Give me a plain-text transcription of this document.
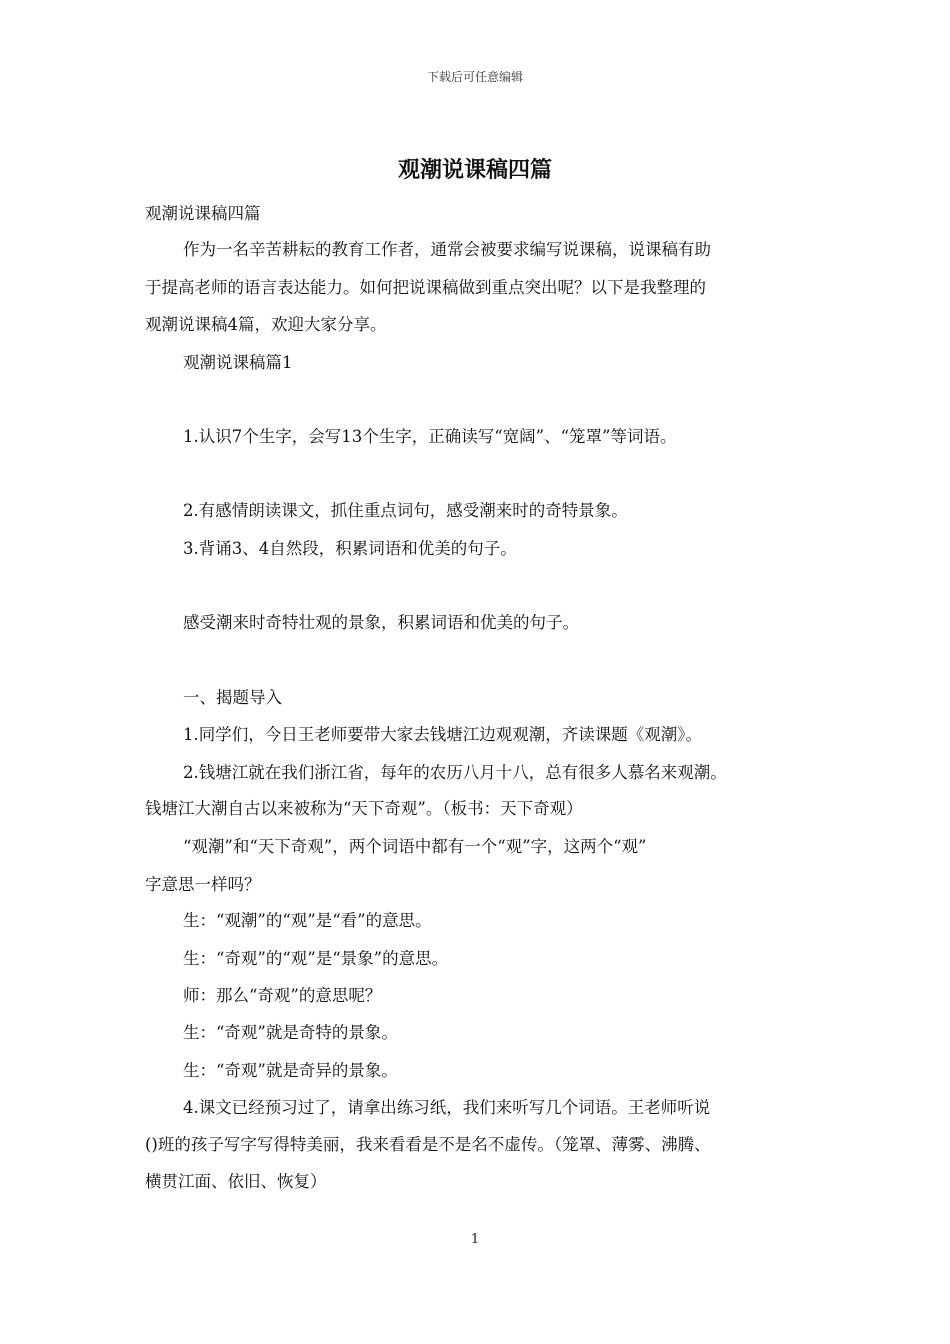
下载后可任意编辑
观潮说课稿四篇
观潮说课稿四篇
作为一名辛苦耕耘的教育工作者，通常会被要求编写说课稿，说课稿有助
于提高老师的语言表达能力。如何把说课稿做到重点突出呢？以下是我整理的
观潮说课稿4篇，欢迎大家分享。
观潮说课稿篇1
1.认识7个生字，会写13个生字，正确读写“宽阔”、“笼罩”等词语。
2.有感情朗读课文，抓住重点词句，感受潮来时的奇特景象。
3.背诵3、4自然段，积累词语和优美的句子。
感受潮来时奇特壮观的景象，积累词语和优美的句子。
一、揭题导入
1.同学们，今日王老师要带大家去钱塘江边观观潮，齐读课题《观潮》。
2.钱塘江就在我们浙江省，每年的农历八月十八，总有很多人慕名来观潮。
钱塘江大潮自古以来被称为“天下奇观”。（板书：天下奇观）
“观潮”和“天下奇观”，两个词语中都有一个“观”字，这两个“观”
字意思一样吗？
生：“观潮”的“观”是“看”的意思。
生：“奇观”的“观”是“景象”的意思。
师：那么“奇观”的意思呢？
生：“奇观”就是奇特的景象。
生：“奇观”就是奇异的景象。
4.课文已经预习过了，请拿出练习纸，我们来听写几个词语。王老师听说
()班的孩子写字写得特美丽，我来看看是不是名不虚传。（笼罩、薄雾、沸腾、
横贯江面、依旧、恢复）
1
